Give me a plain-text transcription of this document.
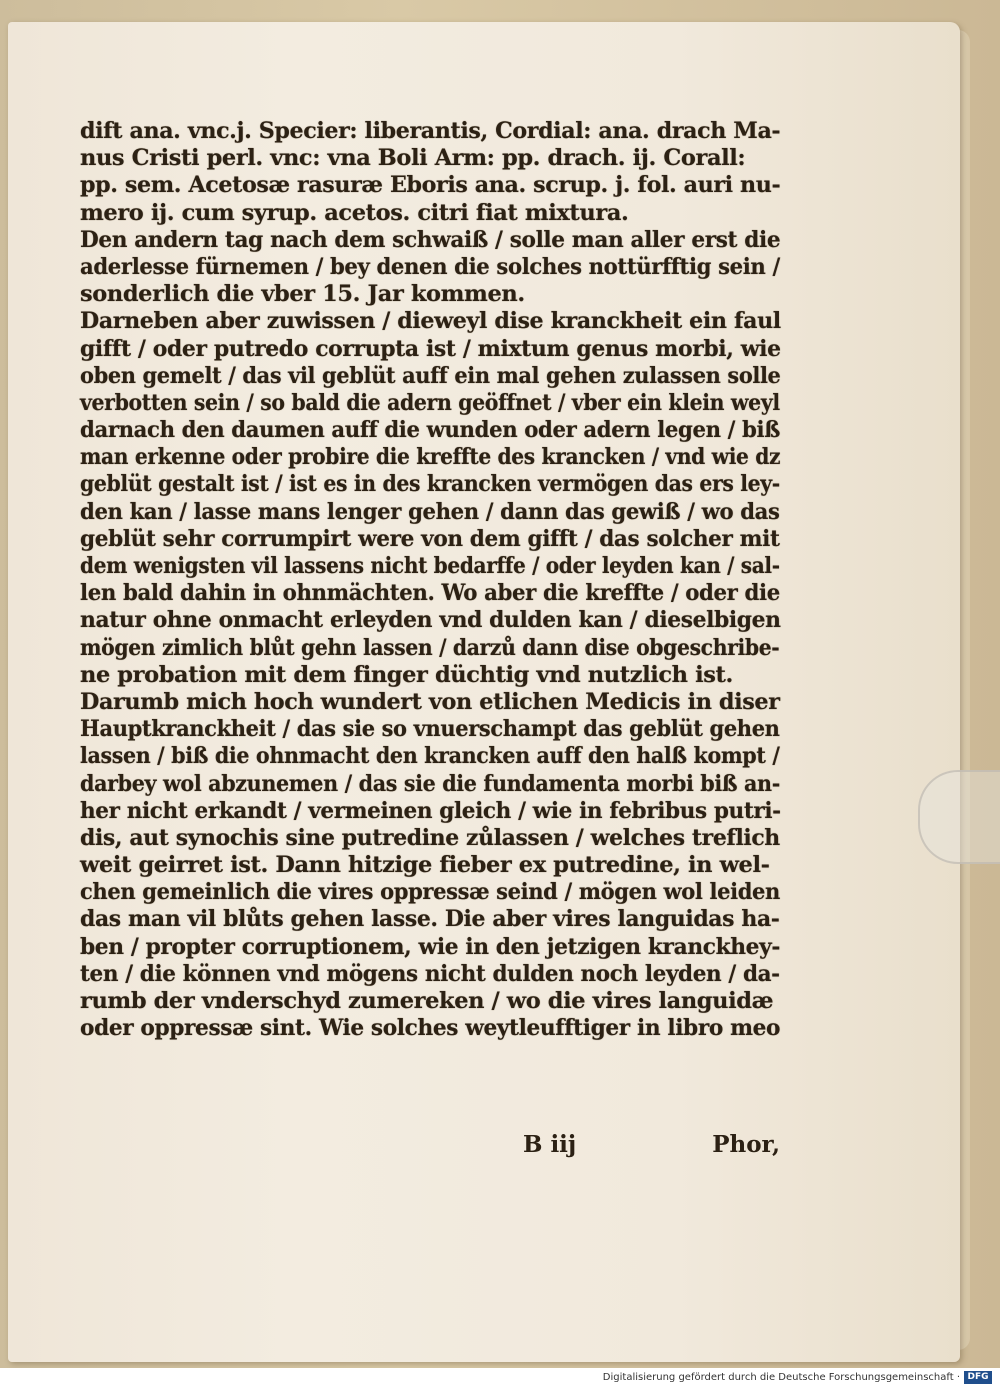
dift ana. vnc.j. Specier: liberantis, Cordial: ana. drach Ma-
nus Cristi perl. vnc: vna Boli Arm: pp. drach. ij. Corall:
pp. sem. Acetosæ rasuræ Eboris ana. scrup. j. fol. auri nu-
mero ij. cum syrup. acetos. citri fiat mixtura.
Den andern tag nach dem schwaiß / solle man aller erst die
aderlesse fürnemen / bey denen die solches nottürfftig sein /
sonderlich die vber 15. Jar kommen.
Darneben aber zuwissen / dieweyl dise kranckheit ein faul
gifft / oder putredo corrupta ist / mixtum genus morbi, wie
oben gemelt / das vil geblüt auff ein mal gehen zulassen solle
verbotten sein / so bald die adern geöffnet / vber ein klein weyl
darnach den daumen auff die wunden oder adern legen / biß
man erkenne oder probire die kreffte des krancken / vnd wie dz
geblüt gestalt ist / ist es in des krancken vermögen das ers ley-
den kan / lasse mans lenger gehen / dann das gewiß / wo das
geblüt sehr corrumpirt were von dem gifft / das solcher mit
dem wenigsten vil lassens nicht bedarffe / oder leyden kan / sal-
len bald dahin in ohnmächten. Wo aber die kreffte / oder die
natur ohne onmacht erleyden vnd dulden kan / dieselbigen
mögen zimlich blůt gehn lassen / darzů dann dise obgeschribe-
ne probation mit dem finger düchtig vnd nutzlich ist.
Darumb mich hoch wundert von etlichen Medicis in diser
Hauptkranckheit / das sie so vnuerschampt das geblüt gehen
lassen / biß die ohnmacht den krancken auff den halß kompt /
darbey wol abzunemen / das sie die fundamenta morbi biß an-
her nicht erkandt / vermeinen gleich / wie in febribus putri-
dis, aut synochis sine putredine zůlassen / welches treflich
weit geirret ist. Dann hitzige fieber ex putredine, in wel-
chen gemeinlich die vires oppressæ seind / mögen wol leiden
das man vil blůts gehen lasse. Die aber vires languidas ha-
ben / propter corruptionem, wie in den jetzigen kranckhey-
ten / die können vnd mögens nicht dulden noch leyden / da-
rumb der vnderschyd zumereken / wo die vires languidæ
oder oppressæ sint. Wie solches weytleufftiger in libro meo
B iij	Phor,
Digitalisierung gefördert durch die Deutsche Forschungsgemeinschaft · DFG
